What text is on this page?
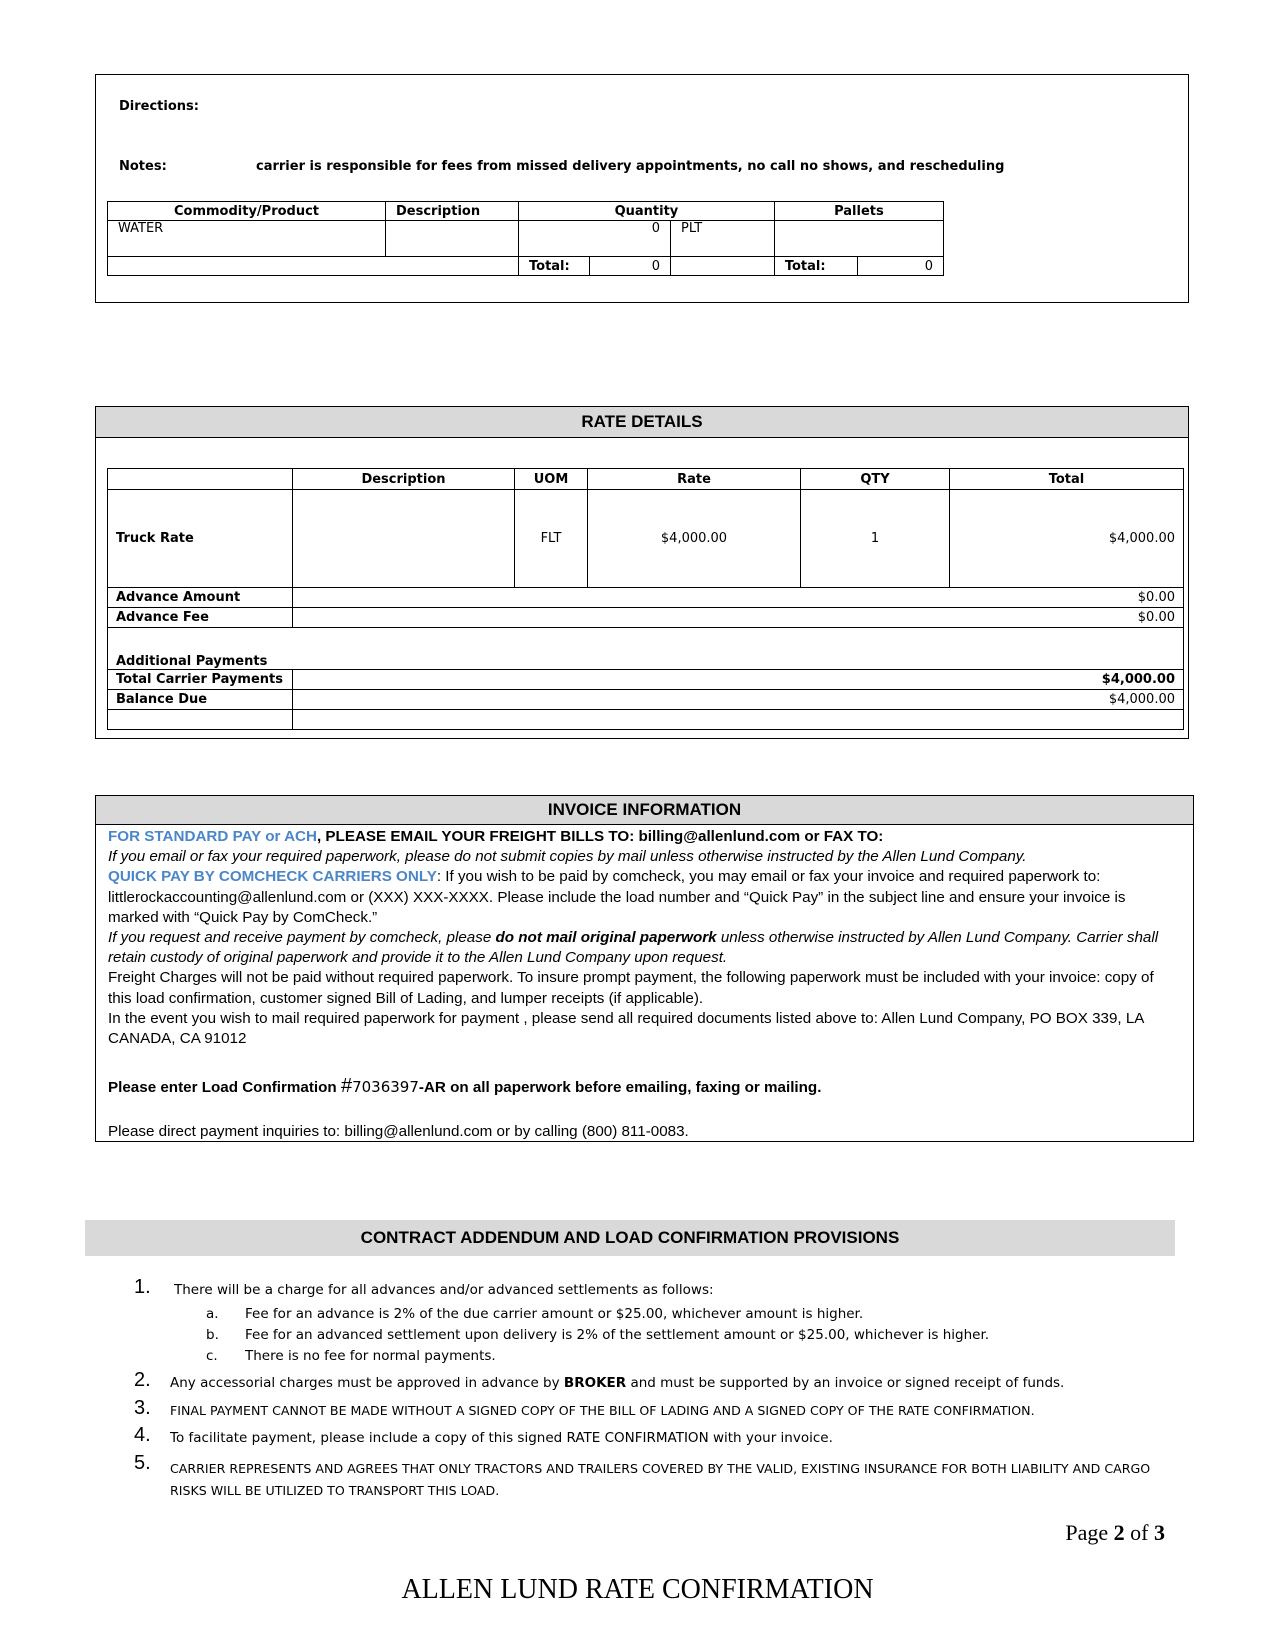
Directions:
Notes:	carrier is responsible for fees from missed delivery appointments, no call no shows, and rescheduling
Commodity/Product	Description	Quantity			Pallets	
WATER		0		PLT		
		Total:	0		Total:	0
RATE DETAILS
	Description	UOM	Rate	QTY	Total
Truck Rate		FLT	$4,000.00	1	$4,000.00
Advance Amount	$0.00				
Advance Fee	$0.00				
Additional Payments					
Total Carrier Payments	$4,000.00				
Balance Due	$4,000.00				

INVOICE INFORMATION
FOR STANDARD PAY or ACH, PLEASE EMAIL YOUR FREIGHT BILLS TO: billing@allenlund.com or FAX TO:
If you email or fax your required paperwork, please do not submit copies by mail unless otherwise instructed by the Allen Lund Company.
QUICK PAY BY COMCHECK CARRIERS ONLY: If you wish to be paid by comcheck, you may email or fax your invoice and required paperwork to: littlerockaccounting@allenlund.com or (XXX) XXX-XXXX. Please include the load number and “Quick Pay” in the subject line and ensure your invoice is marked with “Quick Pay by ComCheck.”
If you request and receive payment by comcheck, please do not mail original paperwork unless otherwise instructed by Allen Lund Company. Carrier shall retain custody of original paperwork and provide it to the Allen Lund Company upon request.
Freight Charges will not be paid without required paperwork. To insure prompt payment, the following paperwork must be included with your invoice: copy of this load confirmation, customer signed Bill of Lading, and lumper receipts (if applicable).
In the event you wish to mail required paperwork for payment , please send all required documents listed above to: Allen Lund Company, PO BOX 339, LA CANADA, CA 91012
Please enter Load Confirmation #7036397-AR on all paperwork before emailing, faxing or mailing.
Please direct payment inquiries to: billing@allenlund.com or by calling (800) 811-0083.
CONTRACT ADDENDUM AND LOAD CONFIRMATION PROVISIONS
1. There will be a charge for all advances and/or advanced settlements as follows:
a. Fee for an advance is 2% of the due carrier amount or $25.00, whichever amount is higher.
b. Fee for an advanced settlement upon delivery is 2% of the settlement amount or $25.00, whichever is higher.
c. There is no fee for normal payments.
2. Any accessorial charges must be approved in advance by BROKER and must be supported by an invoice or signed receipt of funds.
3. FINAL PAYMENT CANNOT BE MADE WITHOUT A SIGNED COPY OF THE BILL OF LADING AND A SIGNED COPY OF THE RATE CONFIRMATION.
4. To facilitate payment, please include a copy of this signed RATE CONFIRMATION with your invoice.
5. CARRIER REPRESENTS AND AGREES THAT ONLY TRACTORS AND TRAILERS COVERED BY THE VALID, EXISTING INSURANCE FOR BOTH LIABILITY AND CARGO RISKS WILL BE UTILIZED TO TRANSPORT THIS LOAD.
Page 2 of 3
ALLEN LUND RATE CONFIRMATION
